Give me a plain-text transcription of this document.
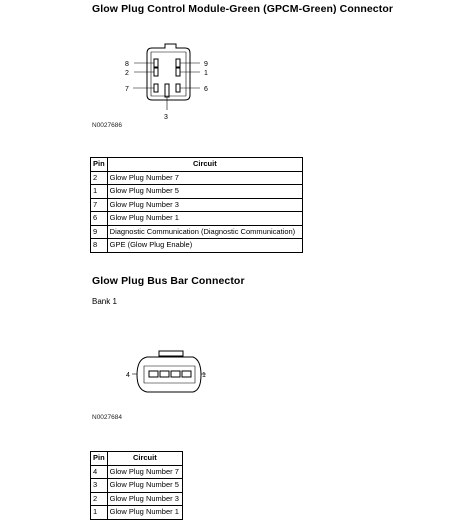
Glow Plug Control Module-Green (GPCM-Green) Connector
8
2
7
9
1
6
3
4	1
N0027686
Pin	Circuit
2	Glow Plug Number 7
1	Glow Plug Number 5
7	Glow Plug Number 3
6	Glow Plug Number 1
9	Diagnostic Communication (Diagnostic Communication)
8	GPE (Glow Plug Enable)
Glow Plug Bus Bar Connector
Bank 1
N0027684
Pin	Circuit
4	Glow Plug Number 7
3	Glow Plug Number 5
2	Glow Plug Number 3
1	Glow Plug Number 1
